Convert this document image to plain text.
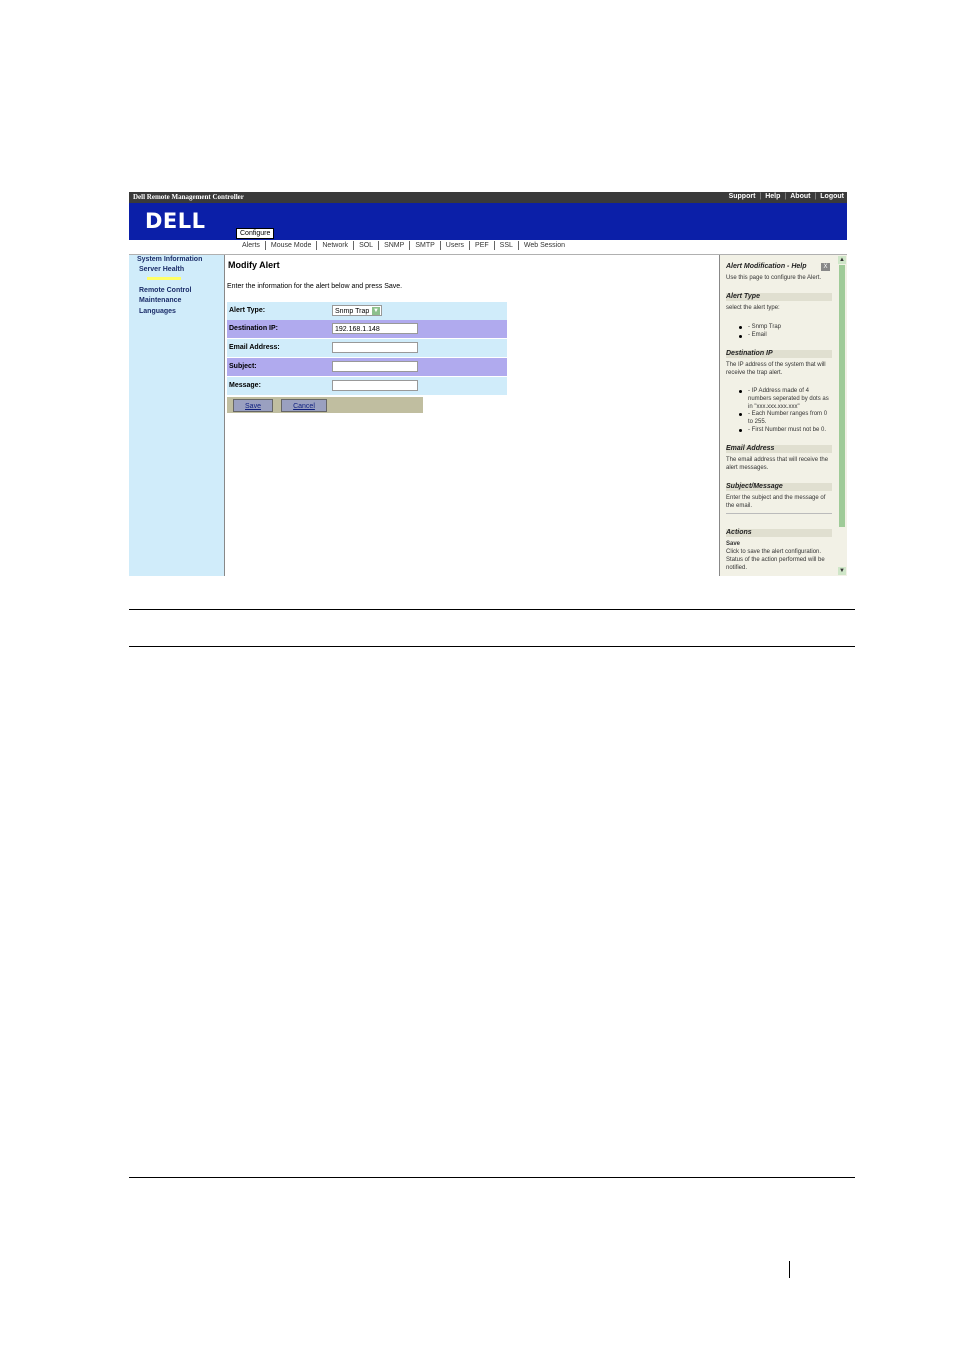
Dell Remote Management Controller	Support | Help | About | Logout
DELL
Configure
Alerts	Mouse Mode	Network	SOL	SNMP	SMTP	Users	PEF	SSL	Web Session
System Information
Server Health
Remote Control
Maintenance
Languages
Modify Alert
Enter the information for the alert below and press Save.
Alert Type:	Snmp Trap ▼
Destination IP:	192.168.1.148
Email Address:
Subject:
Message:
Save	Cancel
Alert Modification - Help	X
Use this page to configure the Alert.
Alert Type
select the alert type:
- Snmp Trap
- Email
Destination IP
The IP address of the system that will receive the trap alert.
- IP Address made of 4 numbers seperated by dots as in "xxx.xxx.xxx.xxx"
- Each Number ranges from 0 to 255.
- First Number must not be 0.
Email Address
The email address that will receive the alert messages.
Subject/Message
Enter the subject and the message of the email.
Actions
Save
Click to save the alert configuration. Status of the action performed will be notified.
▲
▼
